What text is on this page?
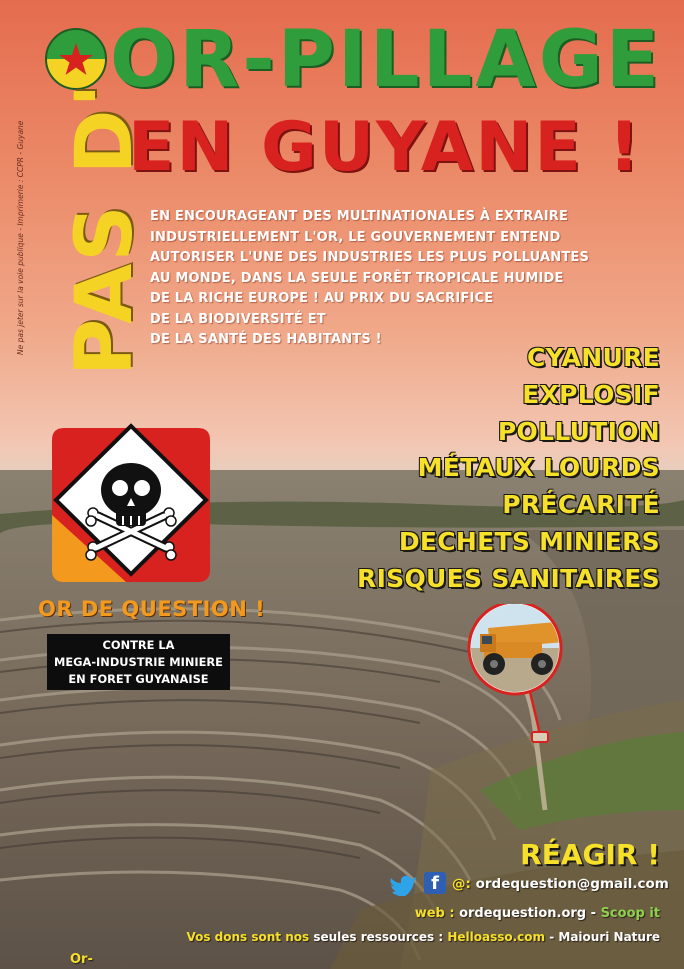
Ne pas jeter sur la voie publique - Imprimerie : CCPR - Guyane
OR-PILLAGE
EN GUYANE !
PAS D' EN ENCOURAGEANT DES MULTINATIONALES À EXTRAIRE
INDUSTRIELLEMENT L'OR, LE GOUVERNEMENT ENTEND
AUTORISER L'UNE DES INDUSTRIES LES PLUS POLLUANTES
AU MONDE, DANS LA SEULE FORÊT TROPICALE HUMIDE
DE LA RICHE EUROPE ! AU PRIX DU SACRIFICE
DE LA BIODIVERSITÉ ET
DE LA SANTÉ DES HABITANTS !
CYANURE
EXPLOSIF
POLLUTION
MÉTAUX LOURDS
PRÉCARITÉ
DECHETS MINIERS
RISQUES SANITAIRES
OR DE QUESTION !
CONTRE LA
MEGA-INDUSTRIE MINIERE
EN FORET GUYANAISE
RÉAGIR !
f @: ordequestion@gmail.com
web : ordequestion.org - Scoop it
Vos dons sont nos seules ressources : Helloasso.com - Maiouri Nature
Or-
